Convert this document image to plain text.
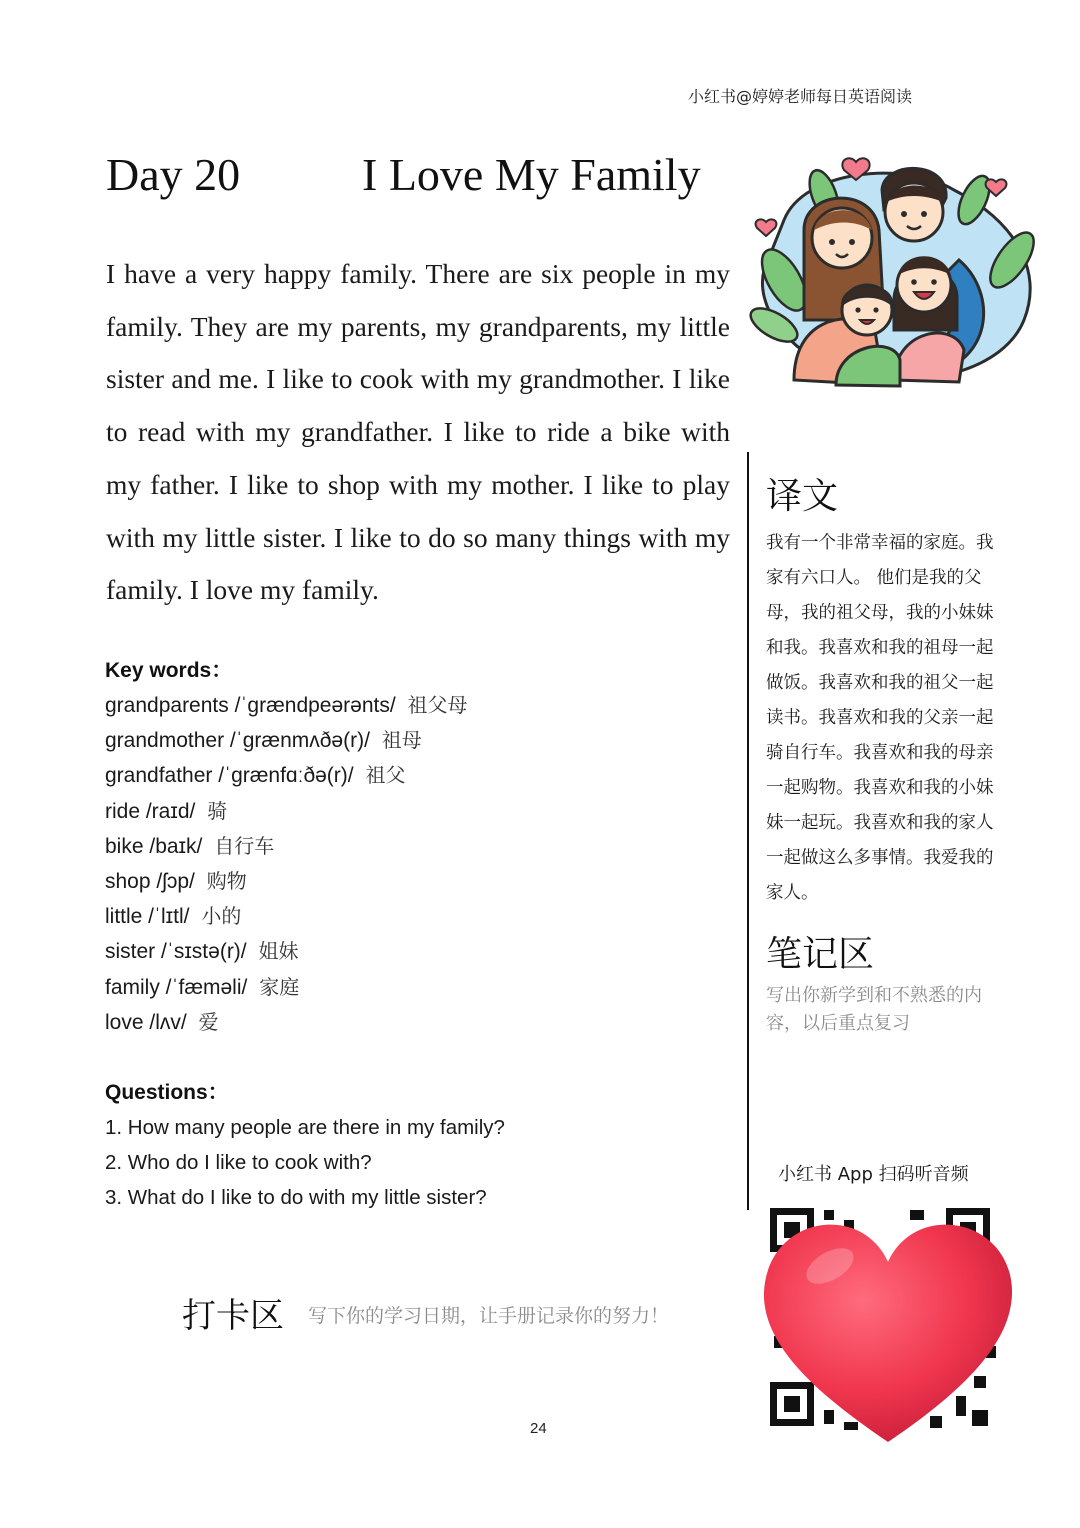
小红书@婷婷老师每日英语阅读
Day 20	I Love My Family
I have a very happy family. There are six people in my family. They are my parents, my grandparents, my little sister and me. I like to cook with my grandmother. I like to read with my grandfather. I like to ride a bike with my father. I like to shop with my mother. I like to play with my little sister. I like to do so many things with my family. I love my family.
Key words：
grandparents /ˈɡrændpeərənts/ 祖父母
grandmother /ˈɡrænmʌðə(r)/ 祖母
grandfather /ˈɡrænfɑːðə(r)/ 祖父
ride /raɪd/ 骑
bike /baɪk/ 自行车
shop /ʃɔp/ 购物
little /ˈlɪtl/ 小的
sister /ˈsɪstə(r)/ 姐妹
family /ˈfæməli/ 家庭
love /lʌv/ 爱
Questions：
1. How many people are there in my family?
2. Who do I like to cook with?
3. What do I like to do with my little sister?
打卡区 写下你的学习日期，让手册记录你的努力！
24
译文
我有一个非常幸福的家庭。我家有六口人。 他们是我的父母，我的祖父母，我的小妹妹和我。我喜欢和我的祖母一起做饭。我喜欢和我的祖父一起读书。我喜欢和我的父亲一起骑自行车。我喜欢和我的母亲一起购物。我喜欢和我的小妹妹一起玩。我喜欢和我的家人一起做这么多事情。我爱我的家人。
笔记区
写出你新学到和不熟悉的内容，以后重点复习
小红书 App 扫码听音频
